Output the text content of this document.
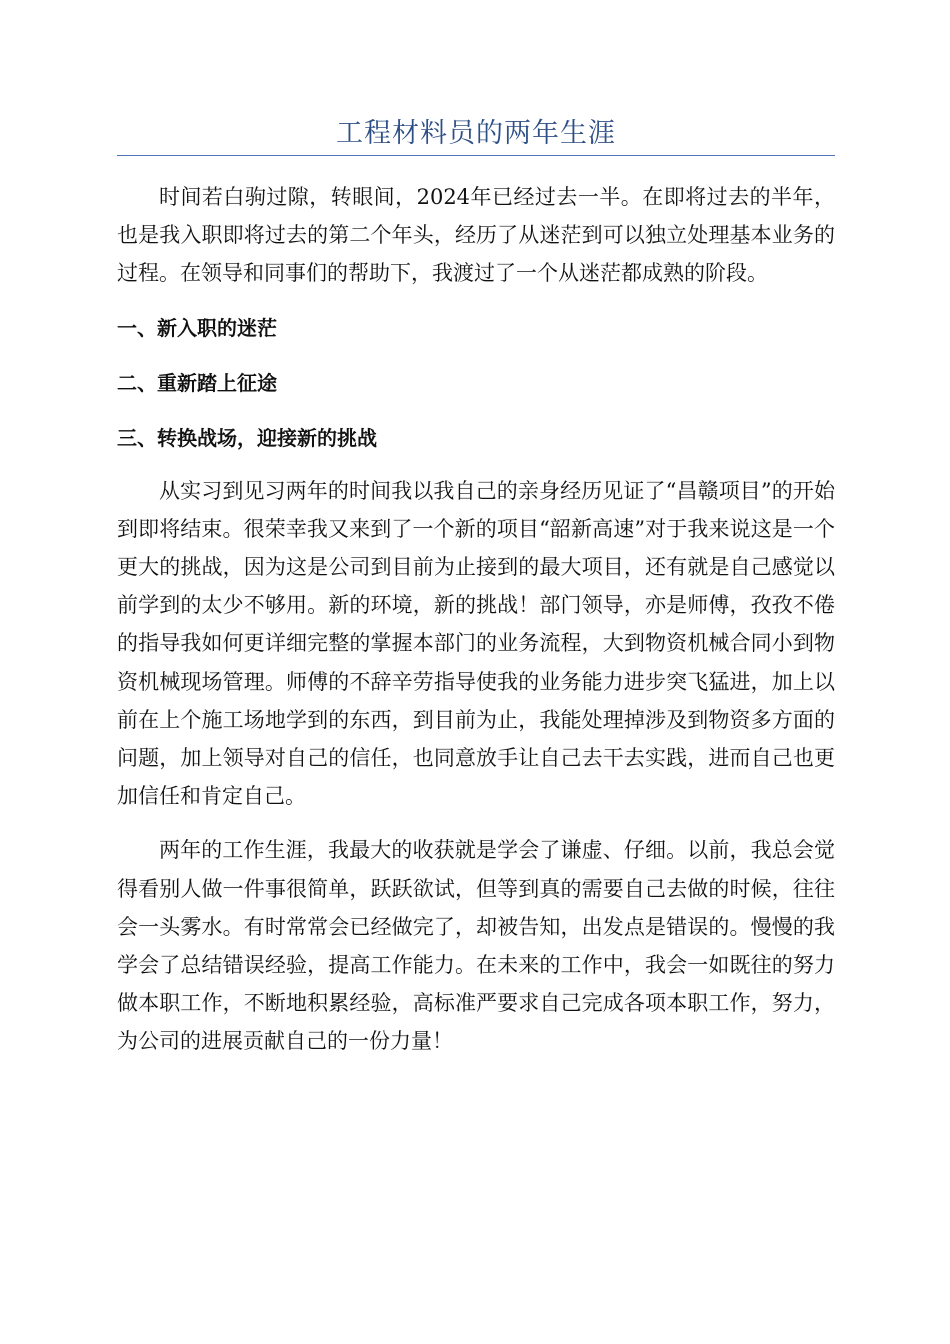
工程材料员的两年生涯

时间若白驹过隙，转眼间，2024年已经过去一半。在即将过去的半年，也是我入职即将过去的第二个年头，经历了从迷茫到可以独立处理基本业务的过程。在领导和同事们的帮助下，我渡过了一个从迷茫都成熟的阶段。

一、新入职的迷茫

二、重新踏上征途

三、转换战场，迎接新的挑战

从实习到见习两年的时间我以我自己的亲身经历见证了“昌赣项目”的开始到即将结束。很荣幸我又来到了一个新的项目“韶新高速”对于我来说这是一个更大的挑战，因为这是公司到目前为止接到的最大项目，还有就是自己感觉以前学到的太少不够用。新的环境，新的挑战！部门领导，亦是师傅，孜孜不倦的指导我如何更详细完整的掌握本部门的业务流程，大到物资机械合同小到物资机械现场管理。师傅的不辞辛劳指导使我的业务能力进步突飞猛进，加上以前在上个施工场地学到的东西，到目前为止，我能处理掉涉及到物资多方面的问题，加上领导对自己的信任，也同意放手让自己去干去实践，进而自己也更加信任和肯定自己。

两年的工作生涯，我最大的收获就是学会了谦虚、仔细。以前，我总会觉得看别人做一件事很简单，跃跃欲试，但等到真的需要自己去做的时候，往往会一头雾水。有时常常会已经做完了，却被告知，出发点是错误的。慢慢的我学会了总结错误经验，提高工作能力。在未来的工作中，我会一如既往的努力做本职工作，不断地积累经验，高标准严要求自己完成各项本职工作，努力，为公司的进展贡献自己的一份力量！
